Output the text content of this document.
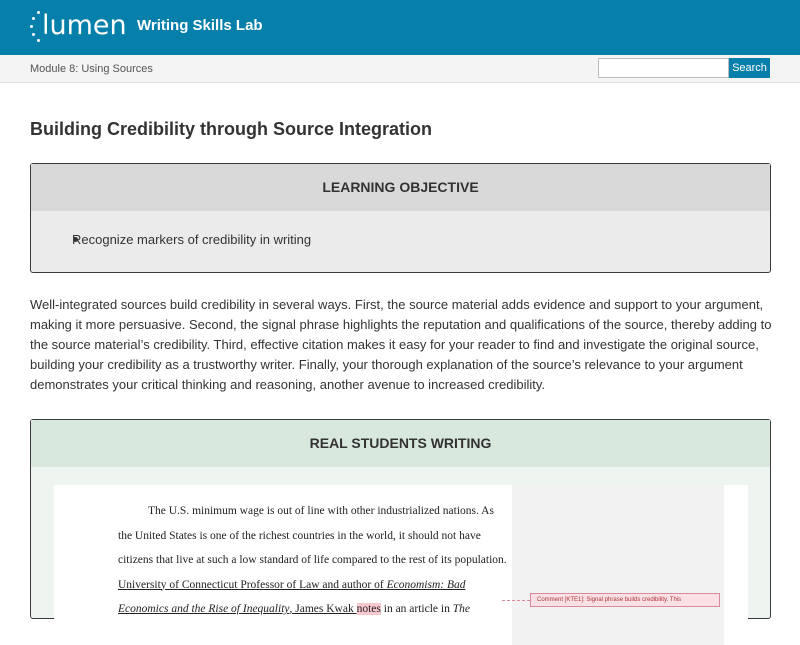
lumen Writing Skills Lab
Module 8: Using Sources	Search
Building Credibility through Source Integration
LEARNING OBJECTIVE
Recognize markers of credibility in writing

Well-integrated sources build credibility in several ways. First, the source material adds evidence and support to your argument, making it more persuasive. Second, the signal phrase highlights the reputation and qualifications of the source, thereby adding to the source material’s credibility. Third, effective citation makes it easy for your reader to find and investigate the original source, building your credibility as a trustworthy writer. Finally, your thorough explanation of the source’s relevance to your argument demonstrates your critical thinking and reasoning, another avenue to increased credibility.

REAL STUDENTS WRITING

The U.S. minimum wage is out of line with other industrialized nations. As

the United States is one of the richest countries in the world, it should not have

citizens that live at such a low standard of life compared to the rest of its population.

University of Connecticut Professor of Law and author of Economism: Bad

Economics and the Rise of Inequality, James Kwak notes in an article in The

Comment [KTE1]: Signal phrase builds credibility. This
